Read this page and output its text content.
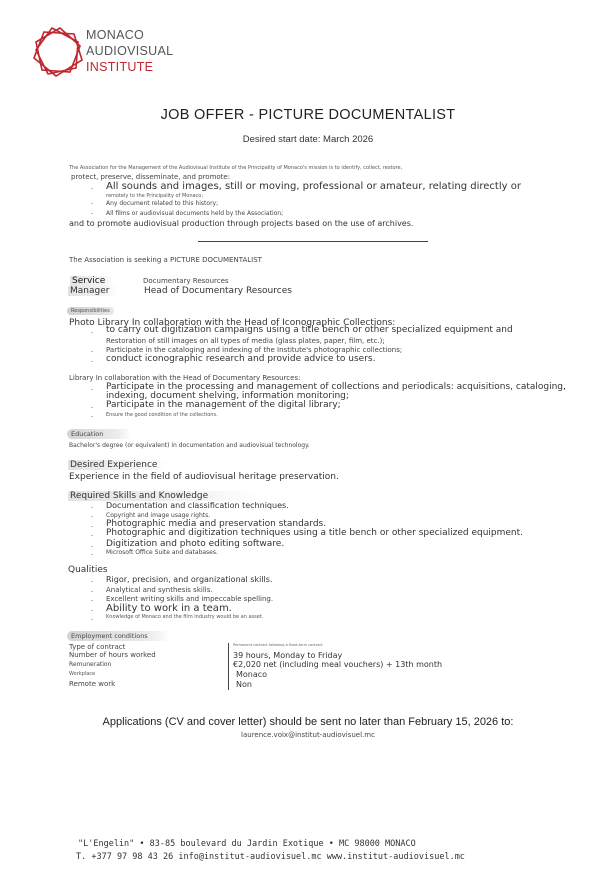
MONACO
AUDIOVISUAL
INSTITUTE
JOB OFFER - PICTURE DOCUMENTALIST
Desired start date: March 2026
The Association for the Management of the Audiovisual Institute of the Principality of Monaco's mission is to identify, collect, restore,
protect, preserve, disseminate, and promote:
- All sounds and images, still or moving, professional or amateur, relating directly or
remotely to the Principality of Monaco;
- Any document related to this history;
- All films or audiovisual documents held by the Association;
and to promote audiovisual production through projects based on the use of archives.
The Association is seeking a PICTURE DOCUMENTALIST
Service	Documentary Resources
Manager	Head of Documentary Resources
Responsibilities
Photo Library In collaboration with the Head of Iconographic Collections:
- to carry out digitization campaigns using a title bench or other specialized equipment and
Restoration of still images on all types of media (glass plates, paper, film, etc.);
- Participate in the cataloging and indexing of the Institute's photographic collections;
- conduct iconographic research and provide advice to users.
Library In collaboration with the Head of Documentary Resources:
- Participate in the processing and management of collections and periodicals: acquisitions, cataloging,
indexing, document shelving, information monitoring;
- Participate in the management of the digital library;
-	Ensure the good condition of the collections.
Education
Bachelor's degree (or equivalent) in documentation and audiovisual technology.
Desired Experience
Experience in the field of audiovisual heritage preservation.
Required Skills and Knowledge
- Documentation and classification techniques.
- Copyright and image usage rights.
- Photographic media and preservation standards.
- Photographic and digitization techniques using a title bench or other specialized equipment.
- Digitization and photo editing software.
- Microsoft Office Suite and databases.
Qualities
- Rigor, precision, and organizational skills.
- Analytical and synthesis skills.
- Excellent writing skills and impeccable spelling.
- Ability to work in a team.
-	Knowledge of Monaco and the film industry would be an asset.
Employment conditions
Type of contract	Permanent contract following a fixed-term contract
Number of hours worked	39 hours, Monday to Friday
Remuneration	€2,020 net (including meal vouchers) + 13th month
Workplace	Monaco
Remote work	Non
Applications (CV and cover letter) should be sent no later than February 15, 2026 to:
laurence.voix@institut-audiovisuel.mc
"L'Engelin" • 83-85 boulevard du Jardin Exotique • MC 98000 MONACO
T. +377 97 98 43 26 info@institut-audiovisuel.mc www.institut-audiovisuel.mc
